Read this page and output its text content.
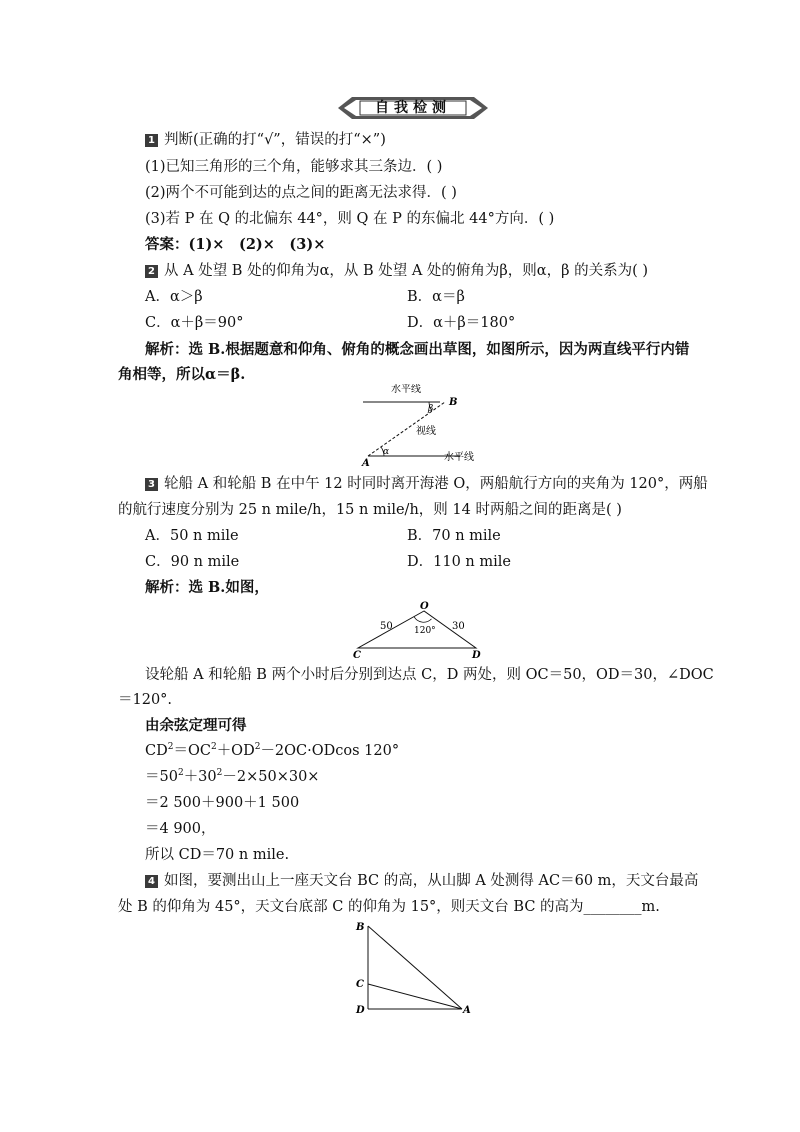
自我检测
1 判断(正确的打“√”，错误的打“×”)
(1)已知三角形的三个角，能够求其三条边．( )
(2)两个不可能到达的点之间的距离无法求得．( )
(3)若 P 在 Q 的北偏东 44°，则 Q 在 P 的东偏北 44°方向．( )
答案：(1)×　(2)×　(3)×
2 从 A 处望 B 处的仰角为α，从 B 处望 A 处的俯角为β，则α，β 的关系为( )
A．α＞β	B．α＝β
C．α＋β＝90°	D．α＋β＝180°
解析：选 B.根据题意和仰角、俯角的概念画出草图，如图所示，因为两直线平行内错
角相等，所以α＝β.
水平线
B
β
视线
α	水平线
A
3 轮船 A 和轮船 B 在中午 12 时同时离开海港 O，两船航行方向的夹角为 120°，两船
的航行速度分别为 25 n mile/h，15 n mile/h，则 14 时两船之间的距离是( )
A．50 n mile	B．70 n mile
C．90 n mile	D．110 n mile
解析：选 B.如图，
O
50	30
120°
C	D
设轮船 A 和轮船 B 两个小时后分别到达点 C，D 两处，则 OC＝50，OD＝30，∠DOC
＝120°.
由余弦定理可得
$CD^2=OC^2+OD^2-2OC\cdot ODcos$ 120°
$=50^2+30^2-2\times 50\times 30\times$
＝2 500＋900＋1 500
＝4 900，
所以 CD＝70 n mile.
4 如图，要测出山上一座天文台 BC 的高，从山脚 A 处测得 AC＝60 m，天文台最高
处 B 的仰角为 45°，天文台底部 C 的仰角为 15°，则天文台 BC 的高为________m.
B
C
D	A
